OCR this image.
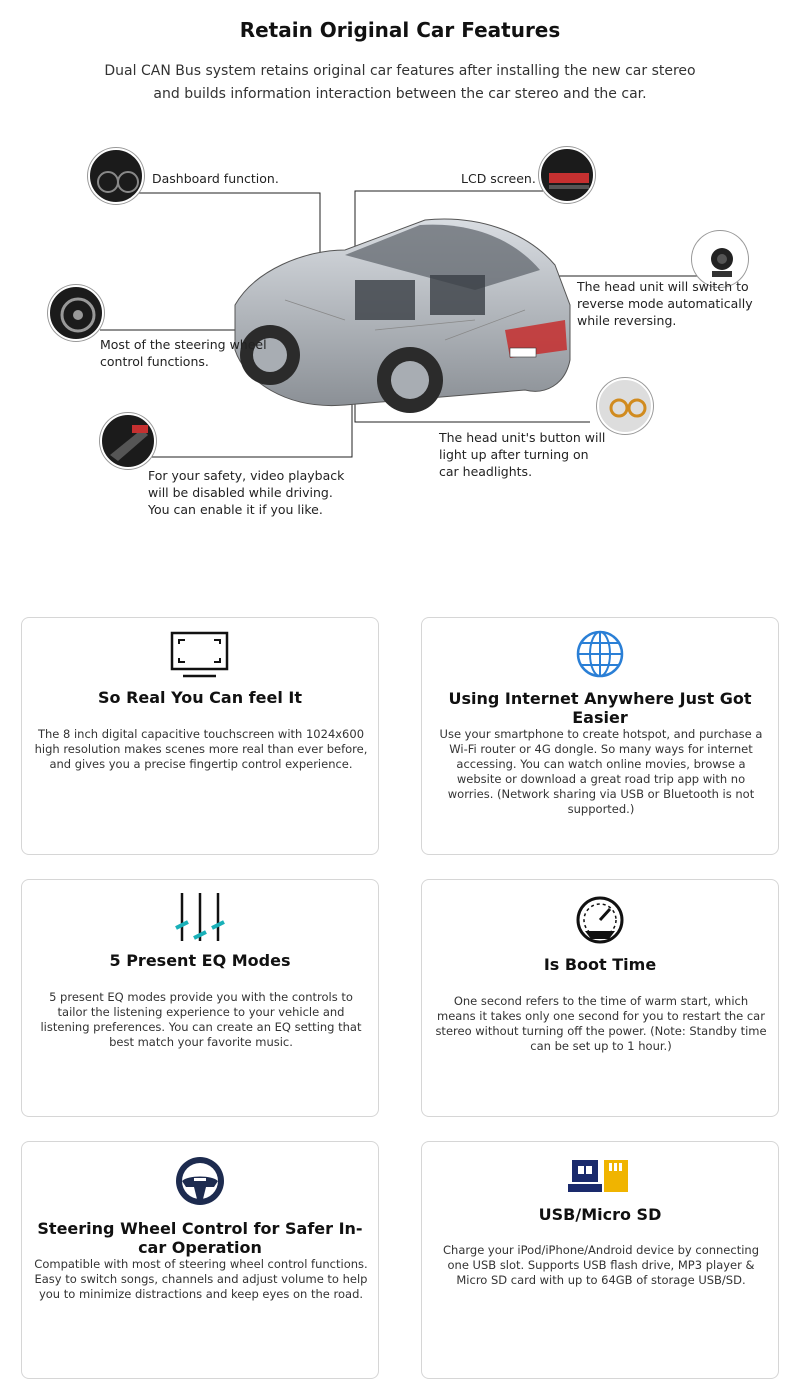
Retain Original Car Features
Dual CAN Bus system retains original car features after installing the new car stereo and builds information interaction between the car stereo and the car.
Dashboard function.	LCD screen.
The head unit will switch to reverse mode automatically while reversing.
Most of the steering wheel control functions.
The head unit's button will light up after turning on car headlights.
For your safety, video playback will be disabled while driving. You can enable it if you like.
So Real You Can feel It
The 8 inch digital capacitive touchscreen with 1024x600 high resolution makes scenes more real than ever before, and gives you a precise fingertip control experience.
Using Internet Anywhere Just Got Easier
Use your smartphone to create hotspot, and purchase a Wi-Fi router or 4G dongle. So many ways for internet accessing. You can watch online movies, browse a website or download a great road trip app with no worries. (Network sharing via USB or Bluetooth is not supported.)
5 Present EQ Modes
5 present EQ modes provide you with the controls to tailor the listening experience to your vehicle and listening preferences. You can create an EQ setting that best match your favorite music.
Is Boot Time
One second refers to the time of warm start, which means it takes only one second for you to restart the car stereo without turning off the power. (Note: Standby time can be set up to 1 hour.)
Steering Wheel Control for Safer In-car Operation
Compatible with most of steering wheel control functions. Easy to switch songs, channels and adjust volume to help you to minimize distractions and keep eyes on the road.
USB/Micro SD
Charge your iPod/iPhone/Android device by connecting one USB slot. Supports USB flash drive, MP3 player & Micro SD card with up to 64GB of storage USB/SD.
